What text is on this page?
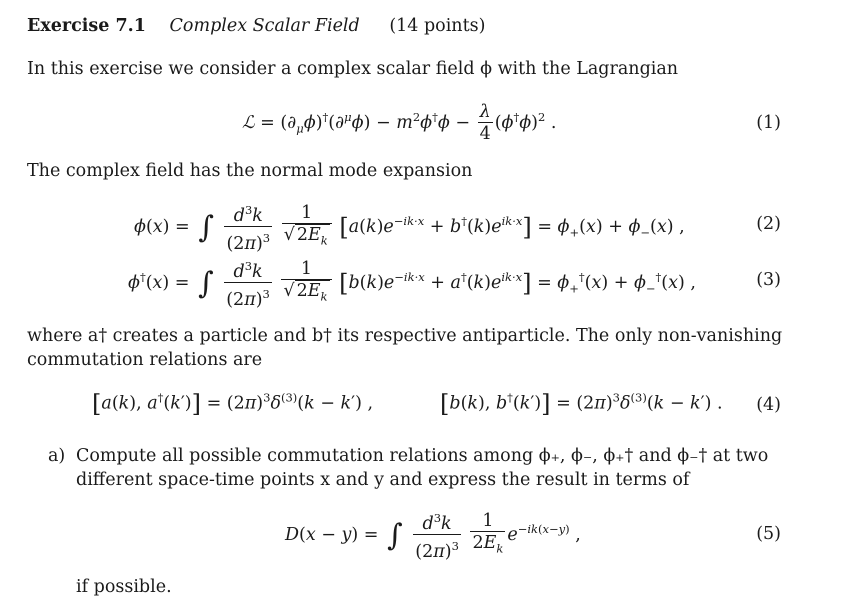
Exercise 7.1 Complex Scalar Field (14 points)
In this exercise we consider a complex scalar field ϕ with the Lagrangian
ℒ = $(\partial_\mu\phi)^\dagger(\partial^\mu\phi) - m^2\phi^\dagger\phi - \frac{\lambda}{4} (\phi^\dagger\phi)^2$ .	(1)
The complex field has the normal mode expansion
ϕ(x) = ∫ $\frac{d^3k}{(2\pi)^3}$
$\frac{1}{√ 2E_k} [a(k)e^{-ik\cdot x} + b^\dagger(k)e^{ik\cdot x}] = \phi_+(x) + \phi_-(x)$ ,	(2)
ϕ†(x) = ∫ $\frac{d^3k}{(2\pi)^3}$
$\frac{1}{√ 2E_k} [b(k)e^{-ik\cdot x} + a^\dagger(k)e^{ik\cdot x}] = \phi_+^\dagger(x) + \phi_-^\dagger(x)$ ,	(3)
where a† creates a particle and b† its respective antiparticle. The only non-vanishing
commutation relations are
[a(k), $a^\dagger(k')] = (2\pi)^3\delta^{(3)}(k - k')$ ,	[b(k), $b^\dagger(k')] = (2\pi)^3\delta^{(3)}(k - k')$ . (4)
a) Compute all possible commutation relations among ϕ₊, ϕ₋, ϕ₊† and ϕ₋† at two
different space-time points x and y and express the result in terms of
D(x − y) = ∫ $\frac{d^3k}{(2\pi)^3}$
$\frac{1}{2E_k} e^{-ik(x-y)}$ ,	(5)
if possible.
